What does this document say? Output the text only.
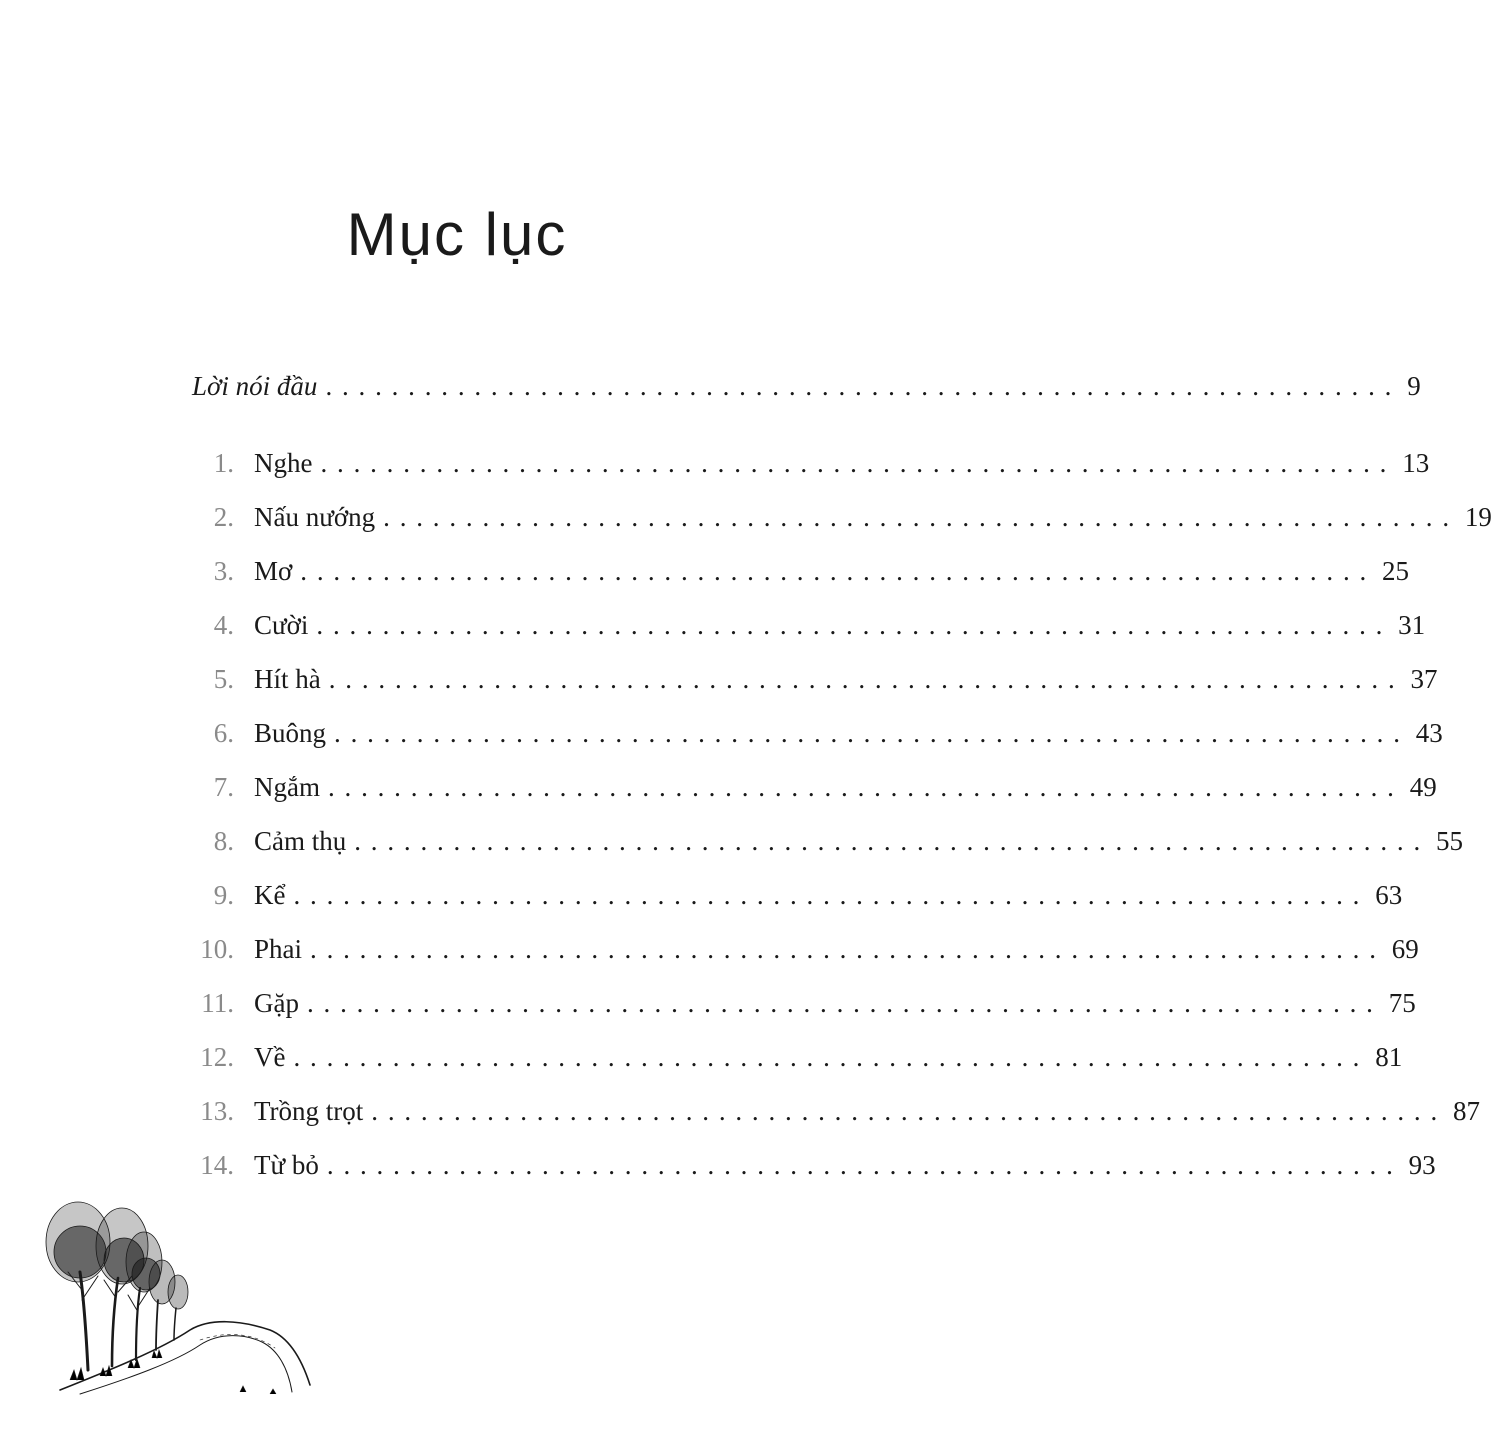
Mục lục
Lời nói đầu ................................................................. 9
1. Nghe ................................................................. 13
2. Nấu nướng ................................................................. 19
3. Mơ ................................................................. 25
4. Cười ................................................................. 31
5. Hít hà ................................................................. 37
6. Buông ................................................................. 43
7. Ngắm ................................................................. 49
8. Cảm thụ ................................................................. 55
9. Kể ................................................................. 63
10. Phai ................................................................. 69
11. Gặp ................................................................. 75
12. Về ................................................................. 81
13. Trồng trọt ................................................................. 87
14. Từ bỏ ................................................................. 93
